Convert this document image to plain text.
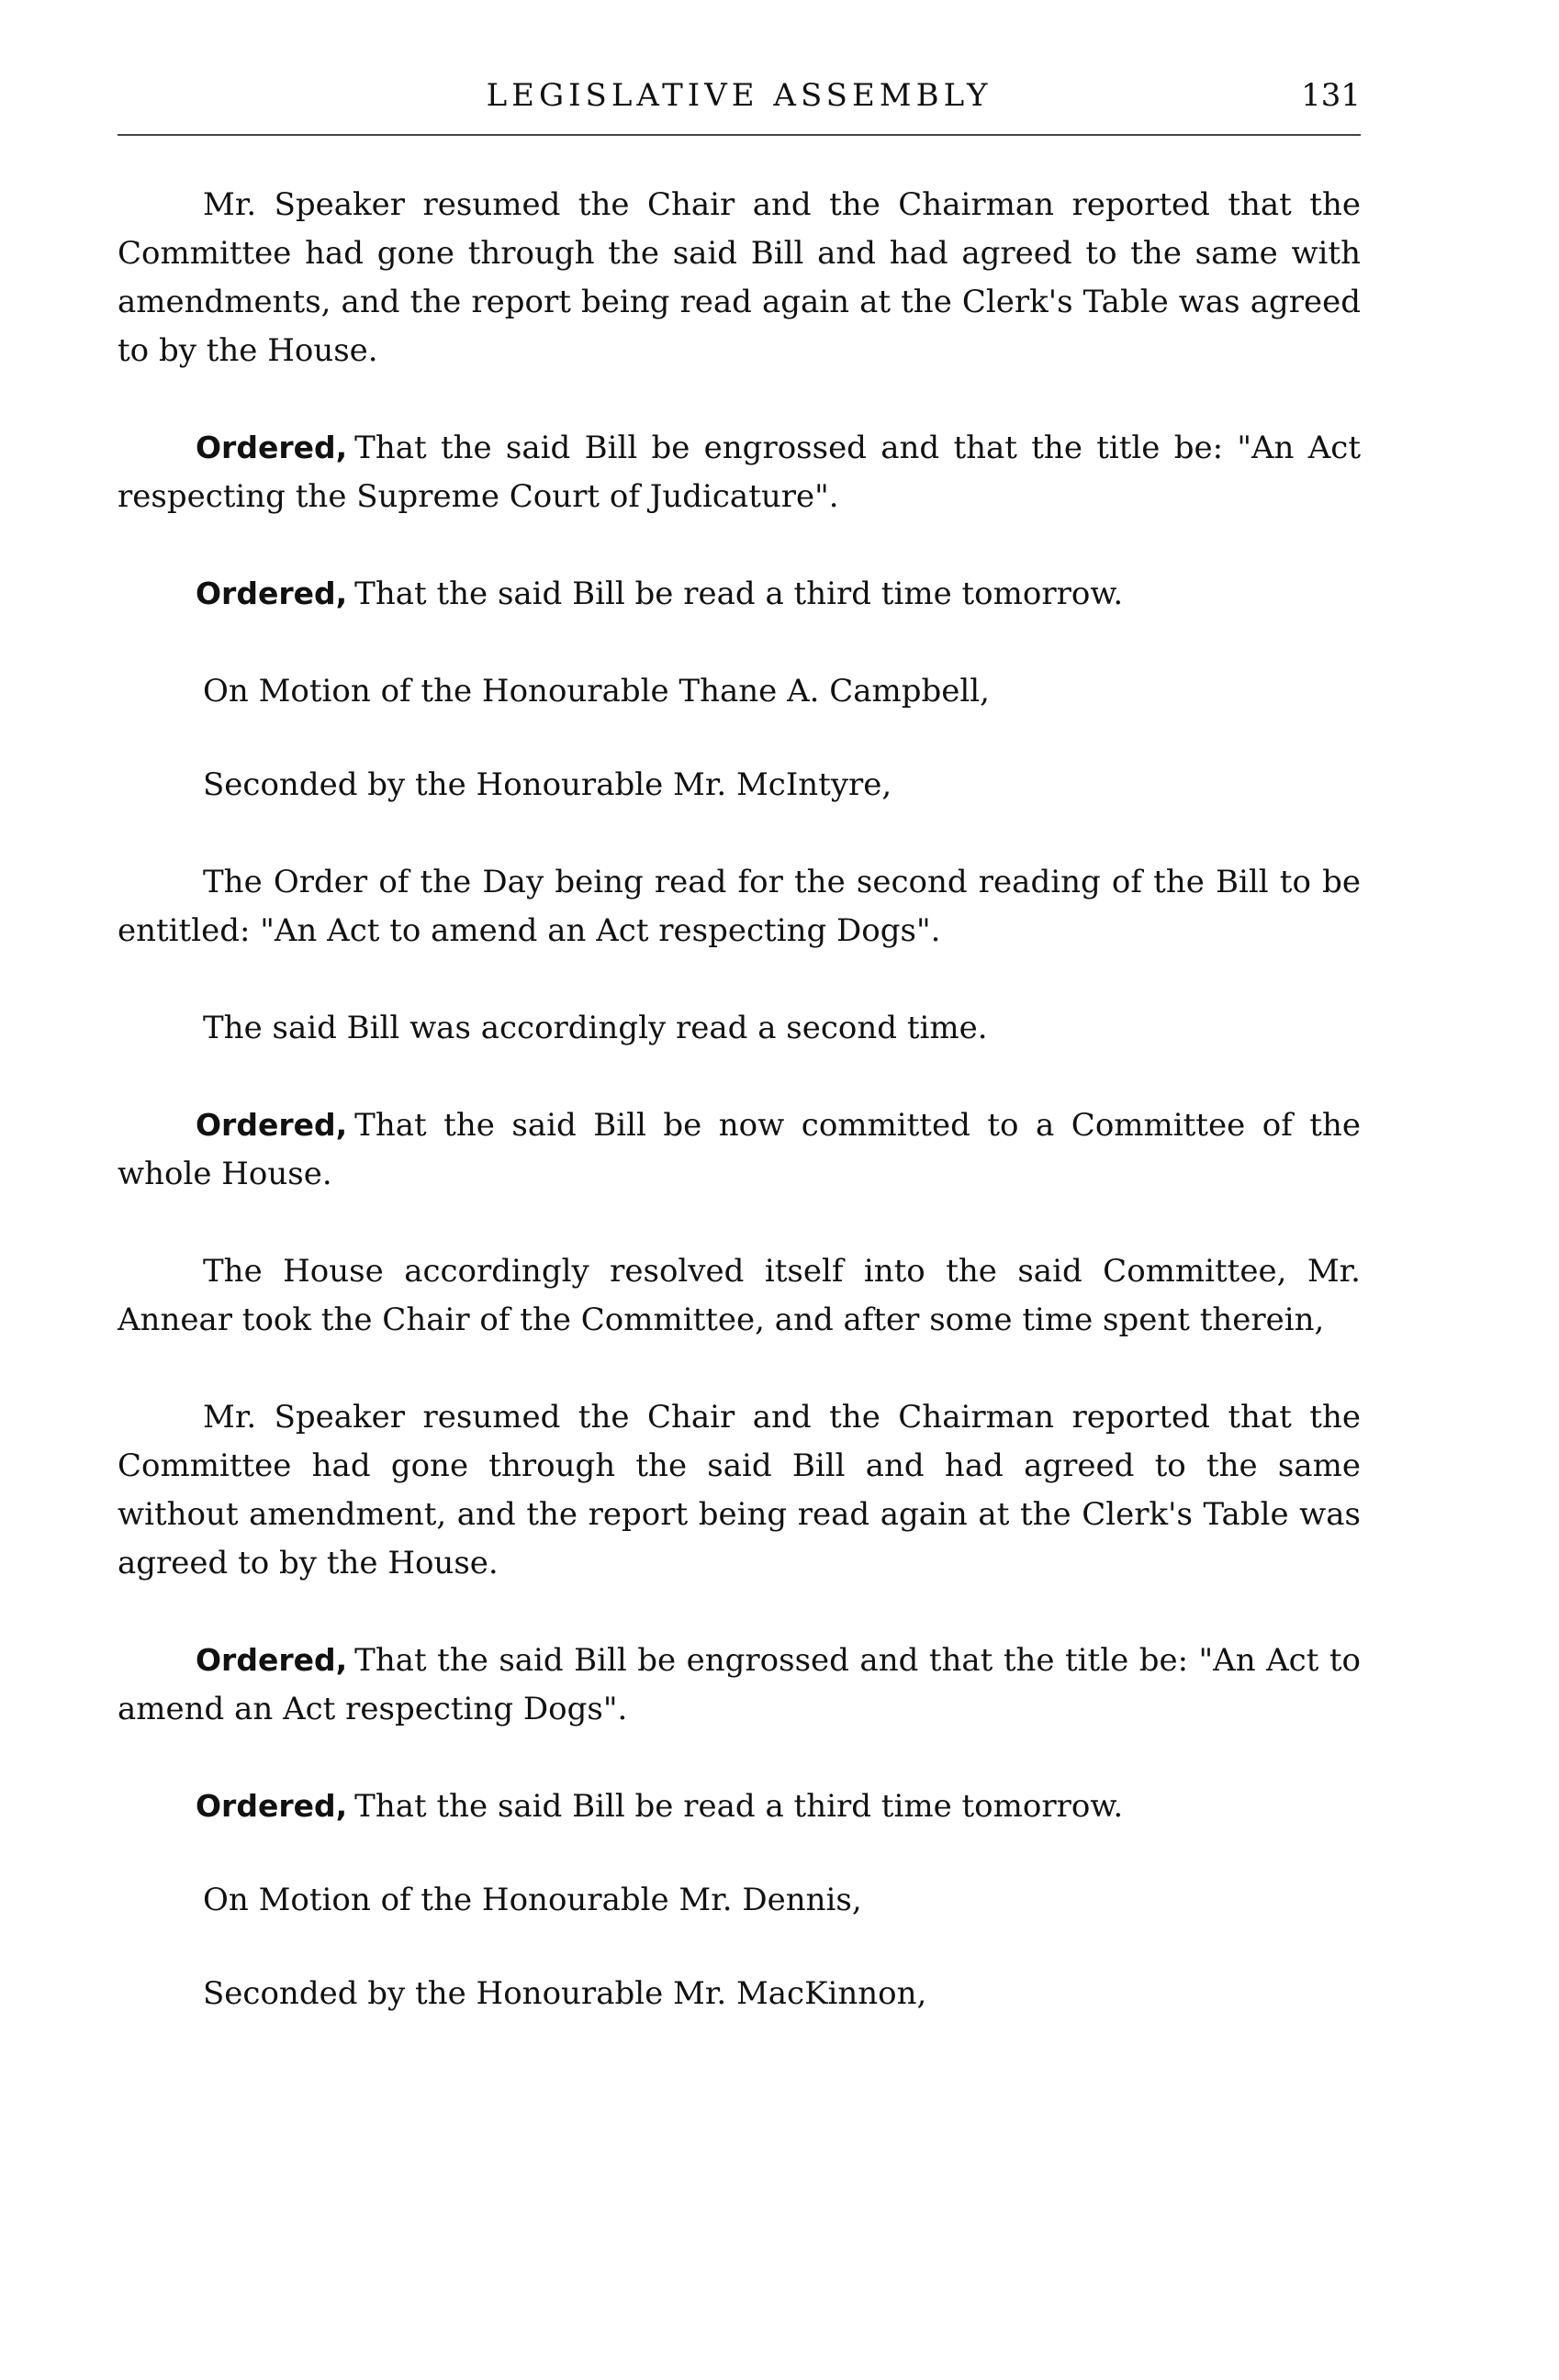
LEGISLATIVE ASSEMBLY	131

Mr. Speaker resumed the Chair and the Chairman reported that the Committee had gone through the said Bill and had agreed to the same with amendments, and the report being read again at the Clerk's Table was agreed to by the House.

Ordered, That the said Bill be engrossed and that the title be: "An Act respecting the Supreme Court of Judicature".

Ordered, That the said Bill be read a third time tomorrow.

On Motion of the Honourable Thane A. Campbell,

Seconded by the Honourable Mr. McIntyre,

The Order of the Day being read for the second reading of the Bill to be entitled: "An Act to amend an Act respecting Dogs".

The said Bill was accordingly read a second time.

Ordered, That the said Bill be now committed to a Committee of the whole House.

The House accordingly resolved itself into the said Committee, Mr. Annear took the Chair of the Committee, and after some time spent therein,

Mr. Speaker resumed the Chair and the Chairman reported that the Committee had gone through the said Bill and had agreed to the same without amendment, and the report being read again at the Clerk's Table was agreed to by the House.

Ordered, That the said Bill be engrossed and that the title be: "An Act to amend an Act respecting Dogs".

Ordered, That the said Bill be read a third time tomorrow.

On Motion of the Honourable Mr. Dennis,

Seconded by the Honourable Mr. MacKinnon,
